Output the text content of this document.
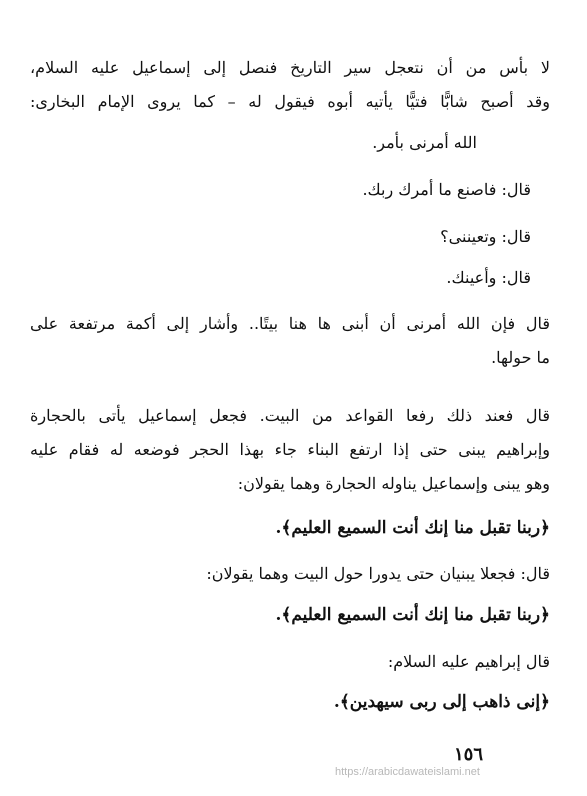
لا بأس من أن نتعجل سير التاريخ فنصل إلى إسماعيل عليه السلام،
وقد أصبح شابًّا فتيًّا يأتيه أبوه فيقول له – كما يروى الإمام البخارى:
الله أمرنى بأمر.
قال: فاصنع ما أمرك ربك.
قال: وتعيننى؟
قال: وأعينك.
قال فإن الله أمرنى أن أبنى ها هنا بيتًا.. وأشار إلى أكمة مرتفعة على
ما حولها.
قال فعند ذلك رفعا القواعد من البيت. فجعل إسماعيل يأتى بالحجارة
وإبراهيم يبنى حتى إذا ارتفع البناء جاء بهذا الحجر فوضعه له فقام عليه
وهو يبنى وإسماعيل يناوله الحجارة وهما يقولان:
﴿ربنا تقبل منا إنك أنت السميع العليم﴾.
قال: فجعلا يبنيان حتى يدورا حول البيت وهما يقولان:
﴿ربنا تقبل منا إنك أنت السميع العليم﴾.
قال إبراهيم عليه السلام:
﴿إنى ذاهب إلى ربى سيهدين﴾.
١٥٦
https://arabicdawateislami.net
